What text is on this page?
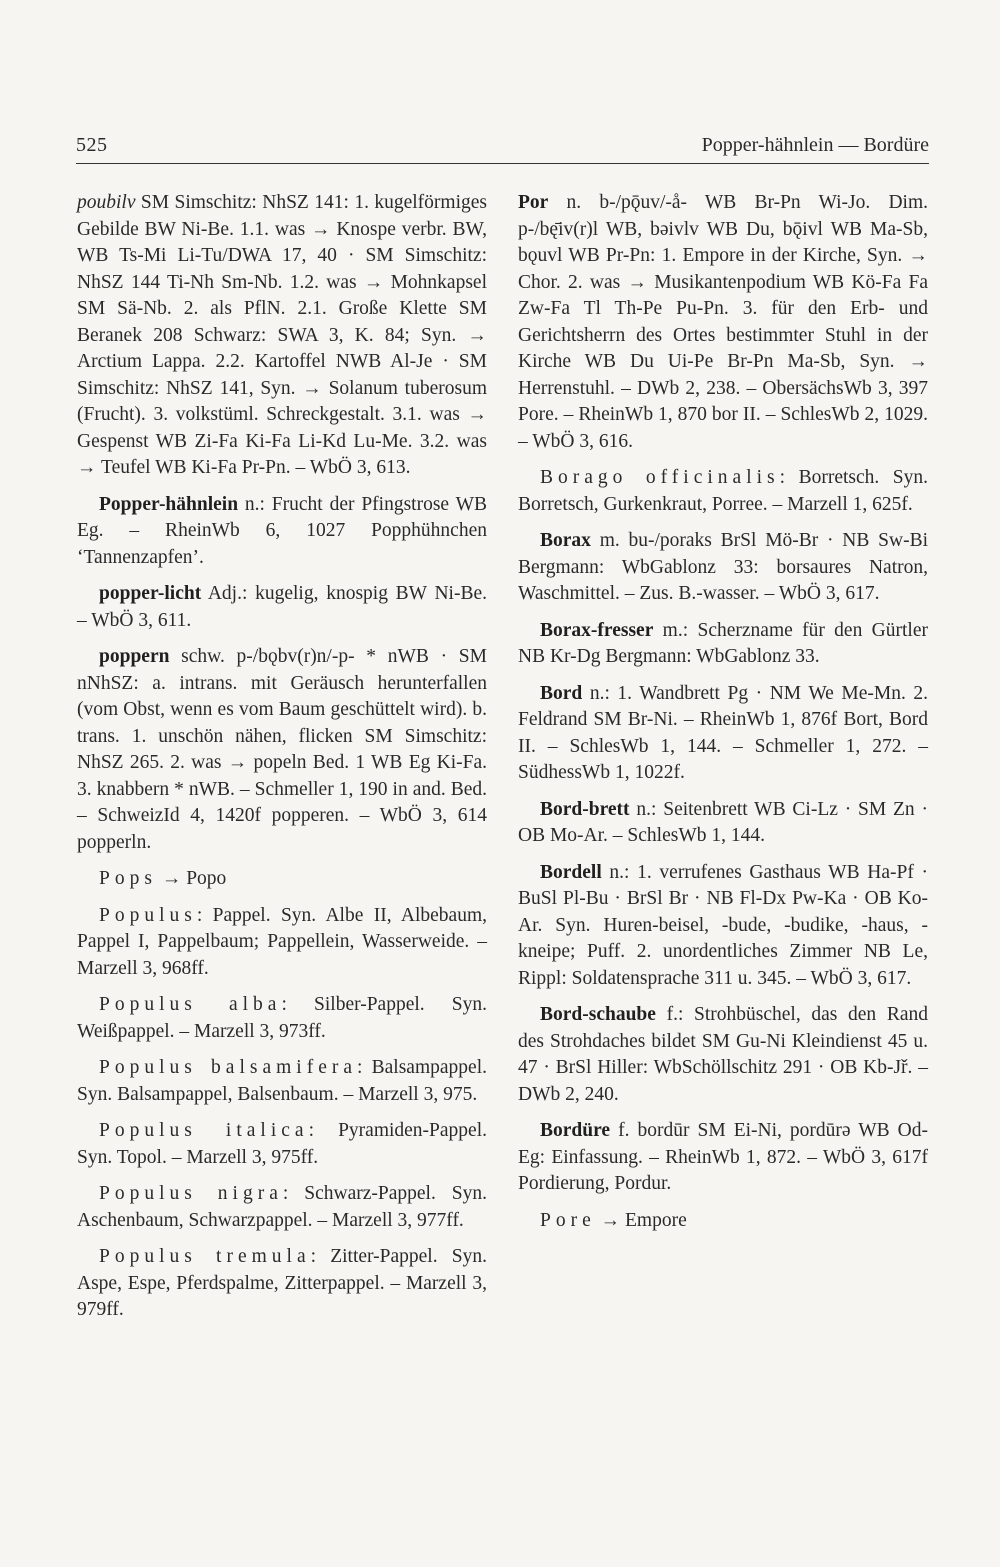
525	Popper-hähnlein — Bordüre

poubilv SM Simschitz: NhSZ 141: 1. kugelförmiges Gebilde BW Ni-Be. 1.1. was → Knospe verbr. BW, WB Ts-Mi Li-Tu/DWA 17, 40 · SM Simschitz: NhSZ 144 Ti-Nh Sm-Nb. 1.2. was → Mohnkapsel SM Sä-Nb. 2. als PflN. 2.1. Große Klette SM Beranek 208 Schwarz: SWA 3, K. 84; Syn. → Arctium Lappa. 2.2. Kartoffel NWB Al-Je · SM Simschitz: NhSZ 141, Syn. → Solanum tuberosum (Frucht). 3. volkstüml. Schreckgestalt. 3.1. was → Gespenst WB Zi-Fa Ki-Fa Li-Kd Lu-Me. 3.2. was → Teufel WB Ki-Fa Pr-Pn. – WbÖ 3, 613.

Popper-hähnlein n.: Frucht der Pfingstrose WB Eg. – RheinWb 6, 1027 Popphühnchen ‘Tannenzapfen’.

popper-licht Adj.: kugelig, knospig BW Ni-Be. – WbÖ 3, 611.

poppern schw. p-/bǫbv(r)n/-p- * nWB · SM nNhSZ: a. intrans. mit Geräusch herunterfallen (vom Obst, wenn es vom Baum geschüttelt wird). b. trans. 1. unschön nähen, flicken SM Simschitz: NhSZ 265. 2. was → popeln Bed. 1 WB Eg Ki-Fa. 3. knabbern * nWB. – Schmeller 1, 190 in and. Bed. – SchweizId 4, 1420f popperen. – WbÖ 3, 614 popperln.

Pops → Popo

Populus: Pappel. Syn. Albe II, Albebaum, Pappel I, Pappelbaum; Pappellein, Wasserweide. – Marzell 3, 968ff.

Populus alba: Silber-Pappel. Syn. Weißpappel. – Marzell 3, 973ff.

Populus balsamifera: Balsampappel. Syn. Balsampappel, Balsenbaum. – Marzell 3, 975.

Populus italica: Pyramiden-Pappel. Syn. Topol. – Marzell 3, 975ff.

Populus nigra: Schwarz-Pappel. Syn. Aschenbaum, Schwarzpappel. – Marzell 3, 977ff.

Populus tremula: Zitter-Pappel. Syn. Aspe, Espe, Pferdspalme, Zitterpappel. – Marzell 3, 979ff.

Por n. b-/pǭuv/-å- WB Br-Pn Wi-Jo. Dim. p-/bę̄iv(r)l WB, bəivlv WB Du, bǭivl WB Ma-Sb, bǫuvl WB Pr-Pn: 1. Empore in der Kirche, Syn. → Chor. 2. was → Musikantenpodium WB Kö-Fa Fa Zw-Fa Tl Th-Pe Pu-Pn. 3. für den Erb- und Gerichtsherrn des Ortes bestimmter Stuhl in der Kirche WB Du Ui-Pe Br-Pn Ma-Sb, Syn. → Herrenstuhl. – DWb 2, 238. – ObersächsWb 3, 397 Pore. – RheinWb 1, 870 bor II. – SchlesWb 2, 1029. – WbÖ 3, 616.

Borago officinalis: Borretsch. Syn. Borretsch, Gurkenkraut, Porree. – Marzell 1, 625f.

Borax m. bu-/poraks BrSl Mö-Br · NB Sw-Bi Bergmann: WbGablonz 33: borsaures Natron, Waschmittel. – Zus. B.-wasser. – WbÖ 3, 617.

Borax-fresser m.: Scherzname für den Gürtler NB Kr-Dg Bergmann: WbGablonz 33.

Bord n.: 1. Wandbrett Pg · NM We Me-Mn. 2. Feldrand SM Br-Ni. – RheinWb 1, 876f Bort, Bord II. – SchlesWb 1, 144. – Schmeller 1, 272. – SüdhessWb 1, 1022f.

Bord-brett n.: Seitenbrett WB Ci-Lz · SM Zn · OB Mo-Ar. – SchlesWb 1, 144.

Bordell n.: 1. verrufenes Gasthaus WB Ha-Pf · BuSl Pl-Bu · BrSl Br · NB Fl-Dx Pw-Ka · OB Ko-Ar. Syn. Huren-beisel, -bude, -budike, -haus, -kneipe; Puff. 2. unordentliches Zimmer NB Le, Rippl: Soldatensprache 311 u. 345. – WbÖ 3, 617.

Bord-schaube f.: Strohbüschel, das den Rand des Strohdaches bildet SM Gu-Ni Kleindienst 45 u. 47 · BrSl Hiller: WbSchöllschitz 291 · OB Kb-Jř. – DWb 2, 240.

Bordüre f. bordūr SM Ei-Ni, pordūrə WB Od-Eg: Einfassung. – RheinWb 1, 872. – WbÖ 3, 617f Pordierung, Pordur.

Pore → Empore
